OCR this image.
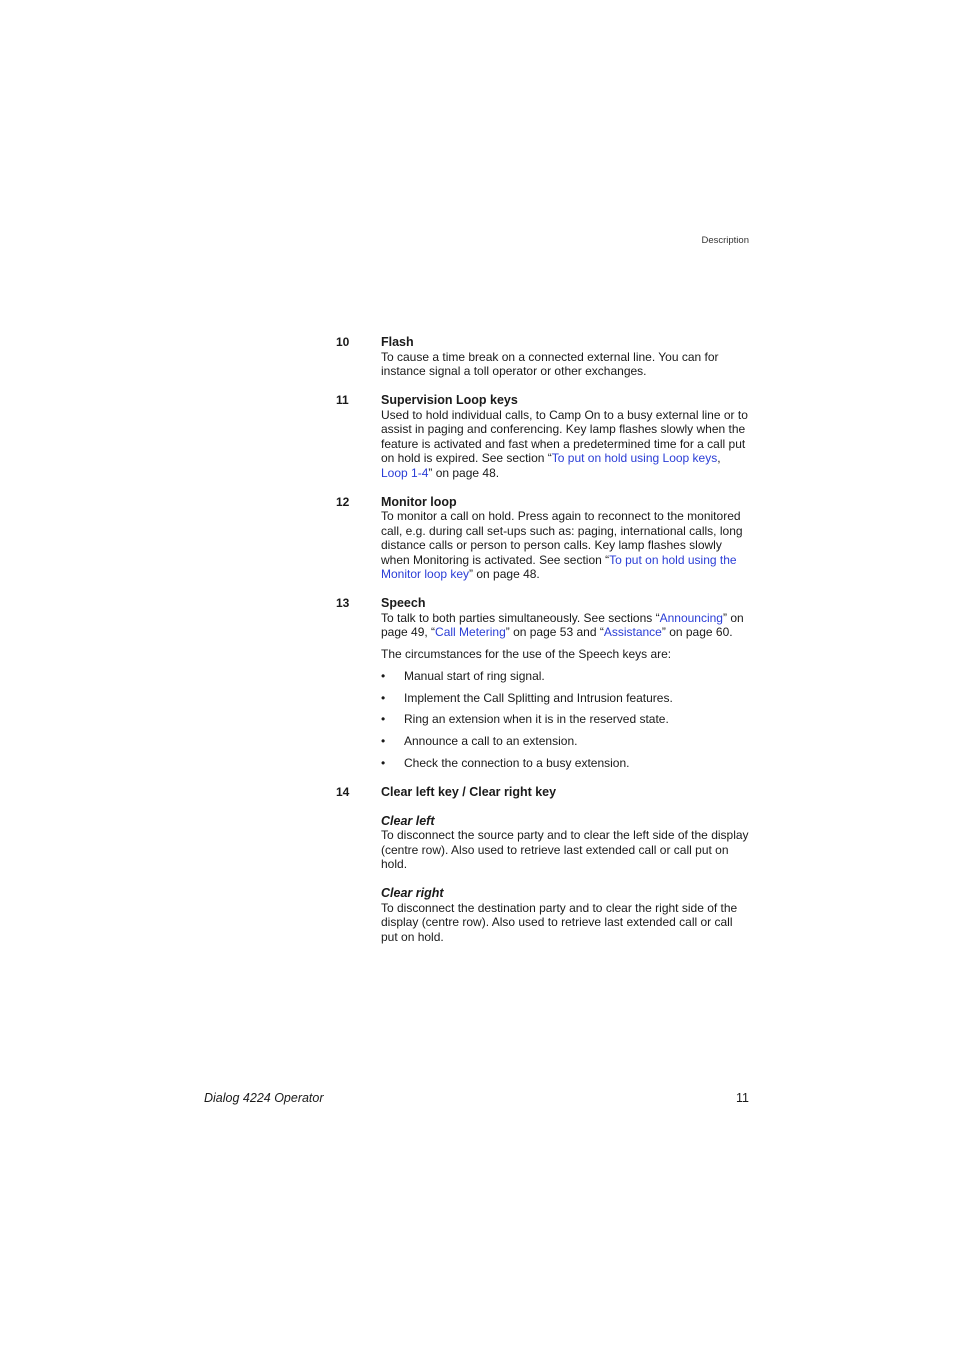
Description
10	Flash

To cause a time break on a connected external line. You can for instance signal a toll operator or other exchanges.

11	Supervision Loop keys

Used to hold individual calls, to Camp On to a busy external line or to assist in paging and conferencing. Key lamp flashes slowly when the feature is activated and fast when a predetermined time for a call put on hold is expired. See section “To put on hold using Loop keys, Loop 1-4” on page 48.

12	Monitor loop

To monitor a call on hold. Press again to reconnect to the monitored call, e.g. during call set-ups such as: paging, international calls, long distance calls or person to person calls. Key lamp flashes slowly when Monitoring is activated. See section “To put on hold using the Monitor loop key” on page 48.

13	Speech

To talk to both parties simultaneously. See sections “Announcing” on page 49, “Call Metering” on page 53 and “Assistance” on page 60.

The circumstances for the use of the Speech keys are:

• Manual start of ring signal.
• Implement the Call Splitting and Intrusion features.
• Ring an extension when it is in the reserved state.
• Announce a call to an extension.
• Check the connection to a busy extension.
14	Clear left key / Clear right key
Clear left

To disconnect the source party and to clear the left side of the display (centre row). Also used to retrieve last extended call or call put on hold.

Clear right

To disconnect the destination party and to clear the right side of the display (centre row). Also used to retrieve last extended call or call put on hold.

Dialog 4224 Operator	11
